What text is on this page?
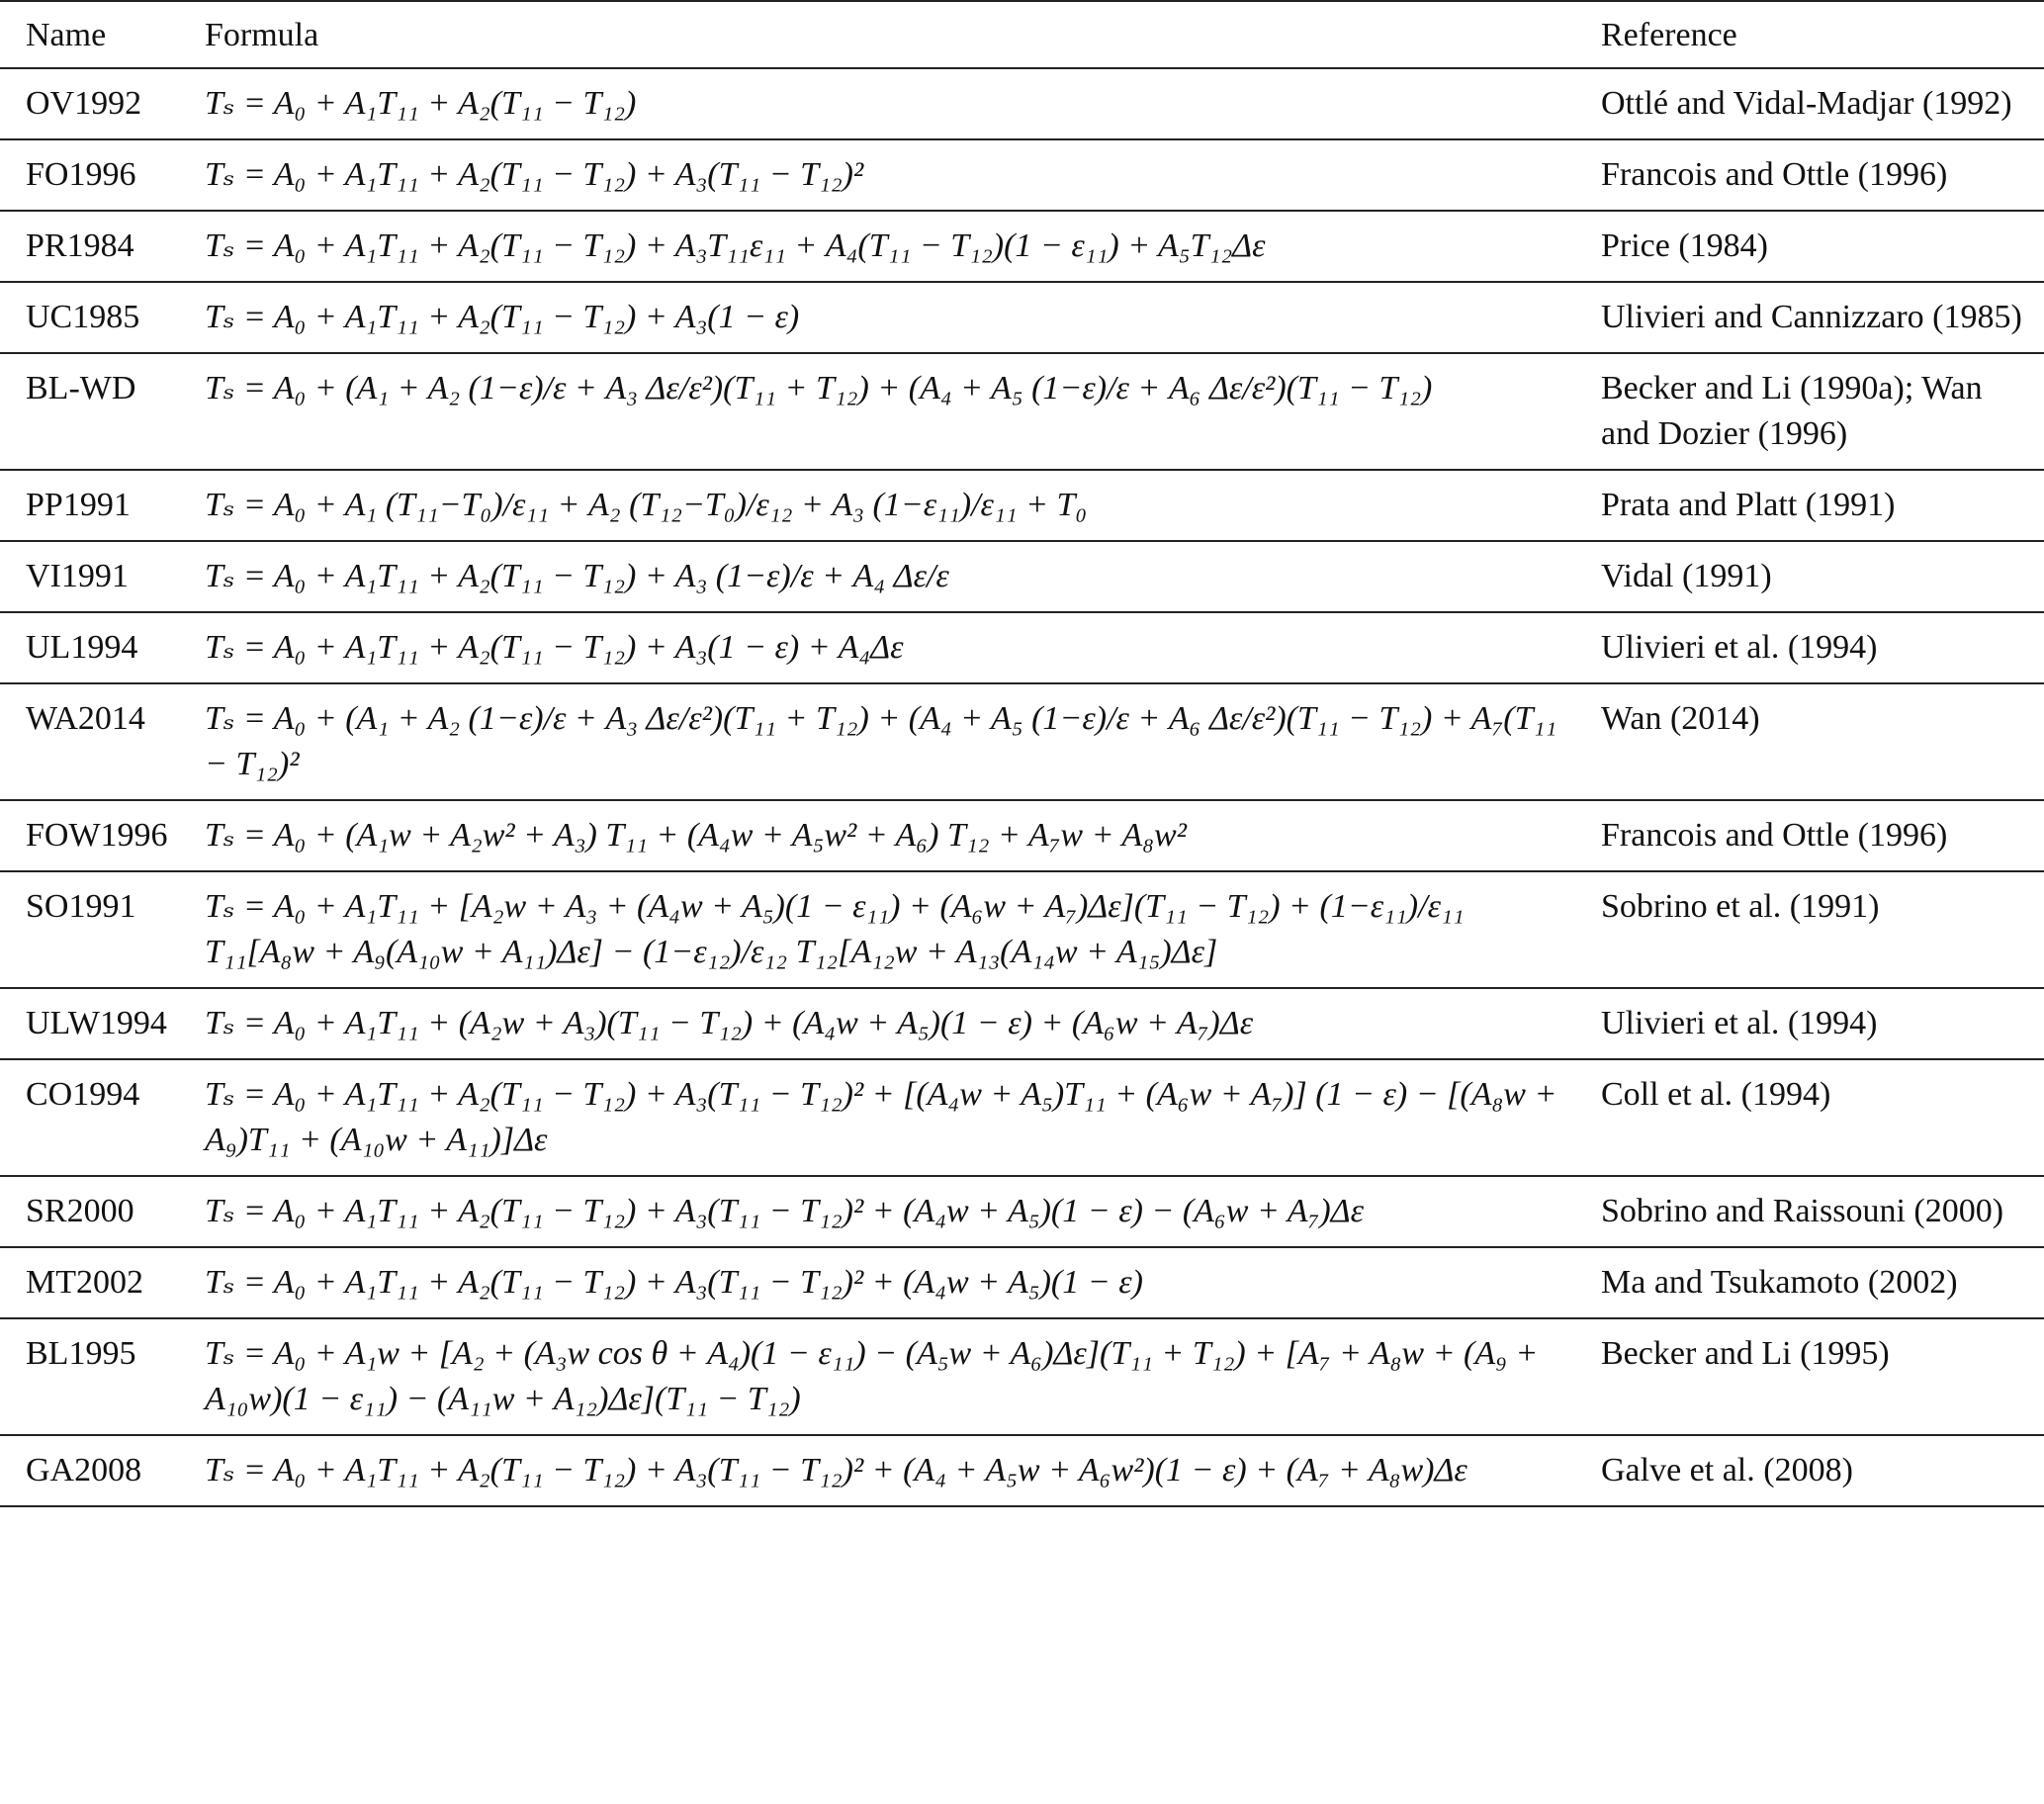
Name	Formula	Reference
OV1992	Tₛ = A₀ + A₁T₁₁ + A₂(T₁₁ − T₁₂)	Ottlé and Vidal-Madjar (1992)
FO1996	Tₛ = A₀ + A₁T₁₁ + A₂(T₁₁ − T₁₂) + A₃(T₁₁ − T₁₂)²	Francois and Ottle (1996)
PR1984	Tₛ = A₀ + A₁T₁₁ + A₂(T₁₁ − T₁₂) + A₃T₁₁ε₁₁ + A₄(T₁₁ − T₁₂)(1 − ε₁₁) + A₅T₁₂Δε	Price (1984)
UC1985	Tₛ = A₀ + A₁T₁₁ + A₂(T₁₁ − T₁₂) + A₃(1 − ε)	Ulivieri and Cannizzaro (1985)
BL-WD	Tₛ = A₀ + (A₁ + A₂ (1−ε)/ε + A₃ Δε/ε²)(T₁₁ + T₁₂) + (A₄ + A₅ (1−ε)/ε + A₆ Δε/ε²)(T₁₁ − T₁₂)	Becker and Li (1990a); Wan and Dozier (1996)
PP1991	Tₛ = A₀ + A₁ (T₁₁−T₀)/ε₁₁ + A₂ (T₁₂−T₀)/ε₁₂ + A₃ (1−ε₁₁)/ε₁₁ + T₀	Prata and Platt (1991)
VI1991	Tₛ = A₀ + A₁T₁₁ + A₂(T₁₁ − T₁₂) + A₃ (1−ε)/ε + A₄ Δε/ε	Vidal (1991)
UL1994	Tₛ = A₀ + A₁T₁₁ + A₂(T₁₁ − T₁₂) + A₃(1 − ε) + A₄Δε	Ulivieri et al. (1994)
WA2014	Tₛ = A₀ + (A₁ + A₂ (1−ε)/ε + A₃ Δε/ε²)(T₁₁ + T₁₂) + (A₄ + A₅ (1−ε)/ε + A₆ Δε/ε²)(T₁₁ − T₁₂) + A₇(T₁₁ − T₁₂)²	Wan (2014)
FOW1996	Tₛ = A₀ + (A₁w + A₂w² + A₃) T₁₁ + (A₄w + A₅w² + A₆) T₁₂ + A₇w + A₈w²	Francois and Ottle (1996)
SO1991	Tₛ = A₀ + A₁T₁₁ + [A₂w + A₃ + (A₄w + A₅)(1 − ε₁₁) + (A₆w + A₇)Δε](T₁₁ − T₁₂) + (1−ε₁₁)/ε₁₁ T₁₁[A₈w + A₉(A₁₀w + A₁₁)Δε] − (1−ε₁₂)/ε₁₂ T₁₂[A₁₂w + A₁₃(A₁₄w + A₁₅)Δε]	Sobrino et al. (1991)
ULW1994	Tₛ = A₀ + A₁T₁₁ + (A₂w + A₃)(T₁₁ − T₁₂) + (A₄w + A₅)(1 − ε) + (A₆w + A₇)Δε	Ulivieri et al. (1994)
CO1994	Tₛ = A₀ + A₁T₁₁ + A₂(T₁₁ − T₁₂) + A₃(T₁₁ − T₁₂)² + [(A₄w + A₅)T₁₁ + (A₆w + A₇)] (1 − ε) − [(A₈w + A₉)T₁₁ + (A₁₀w + A₁₁)]Δε	Coll et al. (1994)
SR2000	Tₛ = A₀ + A₁T₁₁ + A₂(T₁₁ − T₁₂) + A₃(T₁₁ − T₁₂)² + (A₄w + A₅)(1 − ε) − (A₆w + A₇)Δε	Sobrino and Raissouni (2000)
MT2002	Tₛ = A₀ + A₁T₁₁ + A₂(T₁₁ − T₁₂) + A₃(T₁₁ − T₁₂)² + (A₄w + A₅)(1 − ε)	Ma and Tsukamoto (2002)
BL1995	Tₛ = A₀ + A₁w + [A₂ + (A₃w cos θ + A₄)(1 − ε₁₁) − (A₅w + A₆)Δε](T₁₁ + T₁₂) + [A₇ + A₈w + (A₉ + A₁₀w)(1 − ε₁₁) − (A₁₁w + A₁₂)Δε](T₁₁ − T₁₂)	Becker and Li (1995)
GA2008	Tₛ = A₀ + A₁T₁₁ + A₂(T₁₁ − T₁₂) + A₃(T₁₁ − T₁₂)² + (A₄ + A₅w + A₆w²)(1 − ε) + (A₇ + A₈w)Δε	Galve et al. (2008)
